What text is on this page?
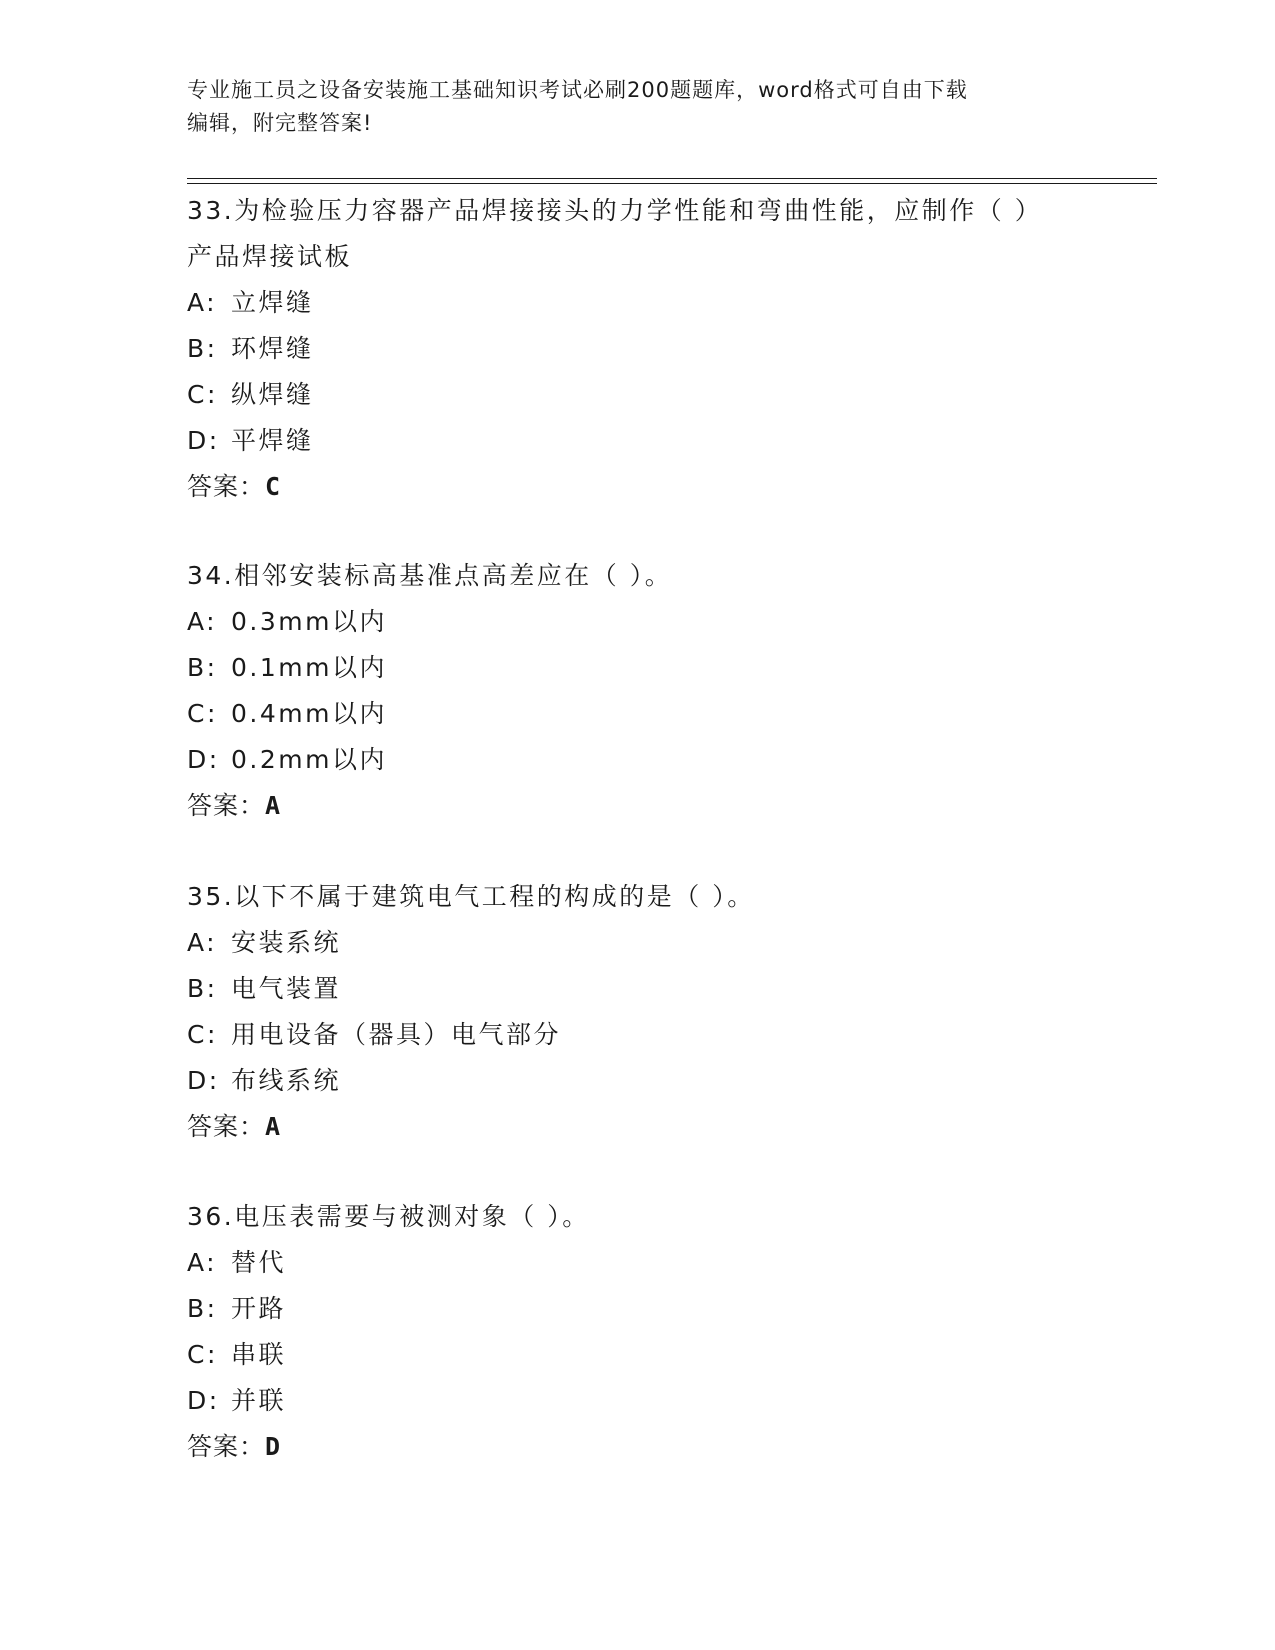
专业施工员之设备安装施工基础知识考试必刷200题题库，word格式可自由下载
编辑，附完整答案!

33.为检验压力容器产品焊接接头的力学性能和弯曲性能，应制作（ ）产品焊接试板

A: 立焊缝
B: 环焊缝
C: 纵焊缝
D: 平焊缝
答案：C

34.相邻安装标高基准点高差应在（ ）。

A: 0.3mm以内
B: 0.1mm以内
C: 0.4mm以内
D: 0.2mm以内
答案：A

35.以下不属于建筑电气工程的构成的是（ ）。

A: 安装系统
B: 电气装置
C: 用电设备（器具）电气部分
D: 布线系统
答案：A

36.电压表需要与被测对象（ ）。

A: 替代
B: 开路
C: 串联
D: 并联
答案：D
